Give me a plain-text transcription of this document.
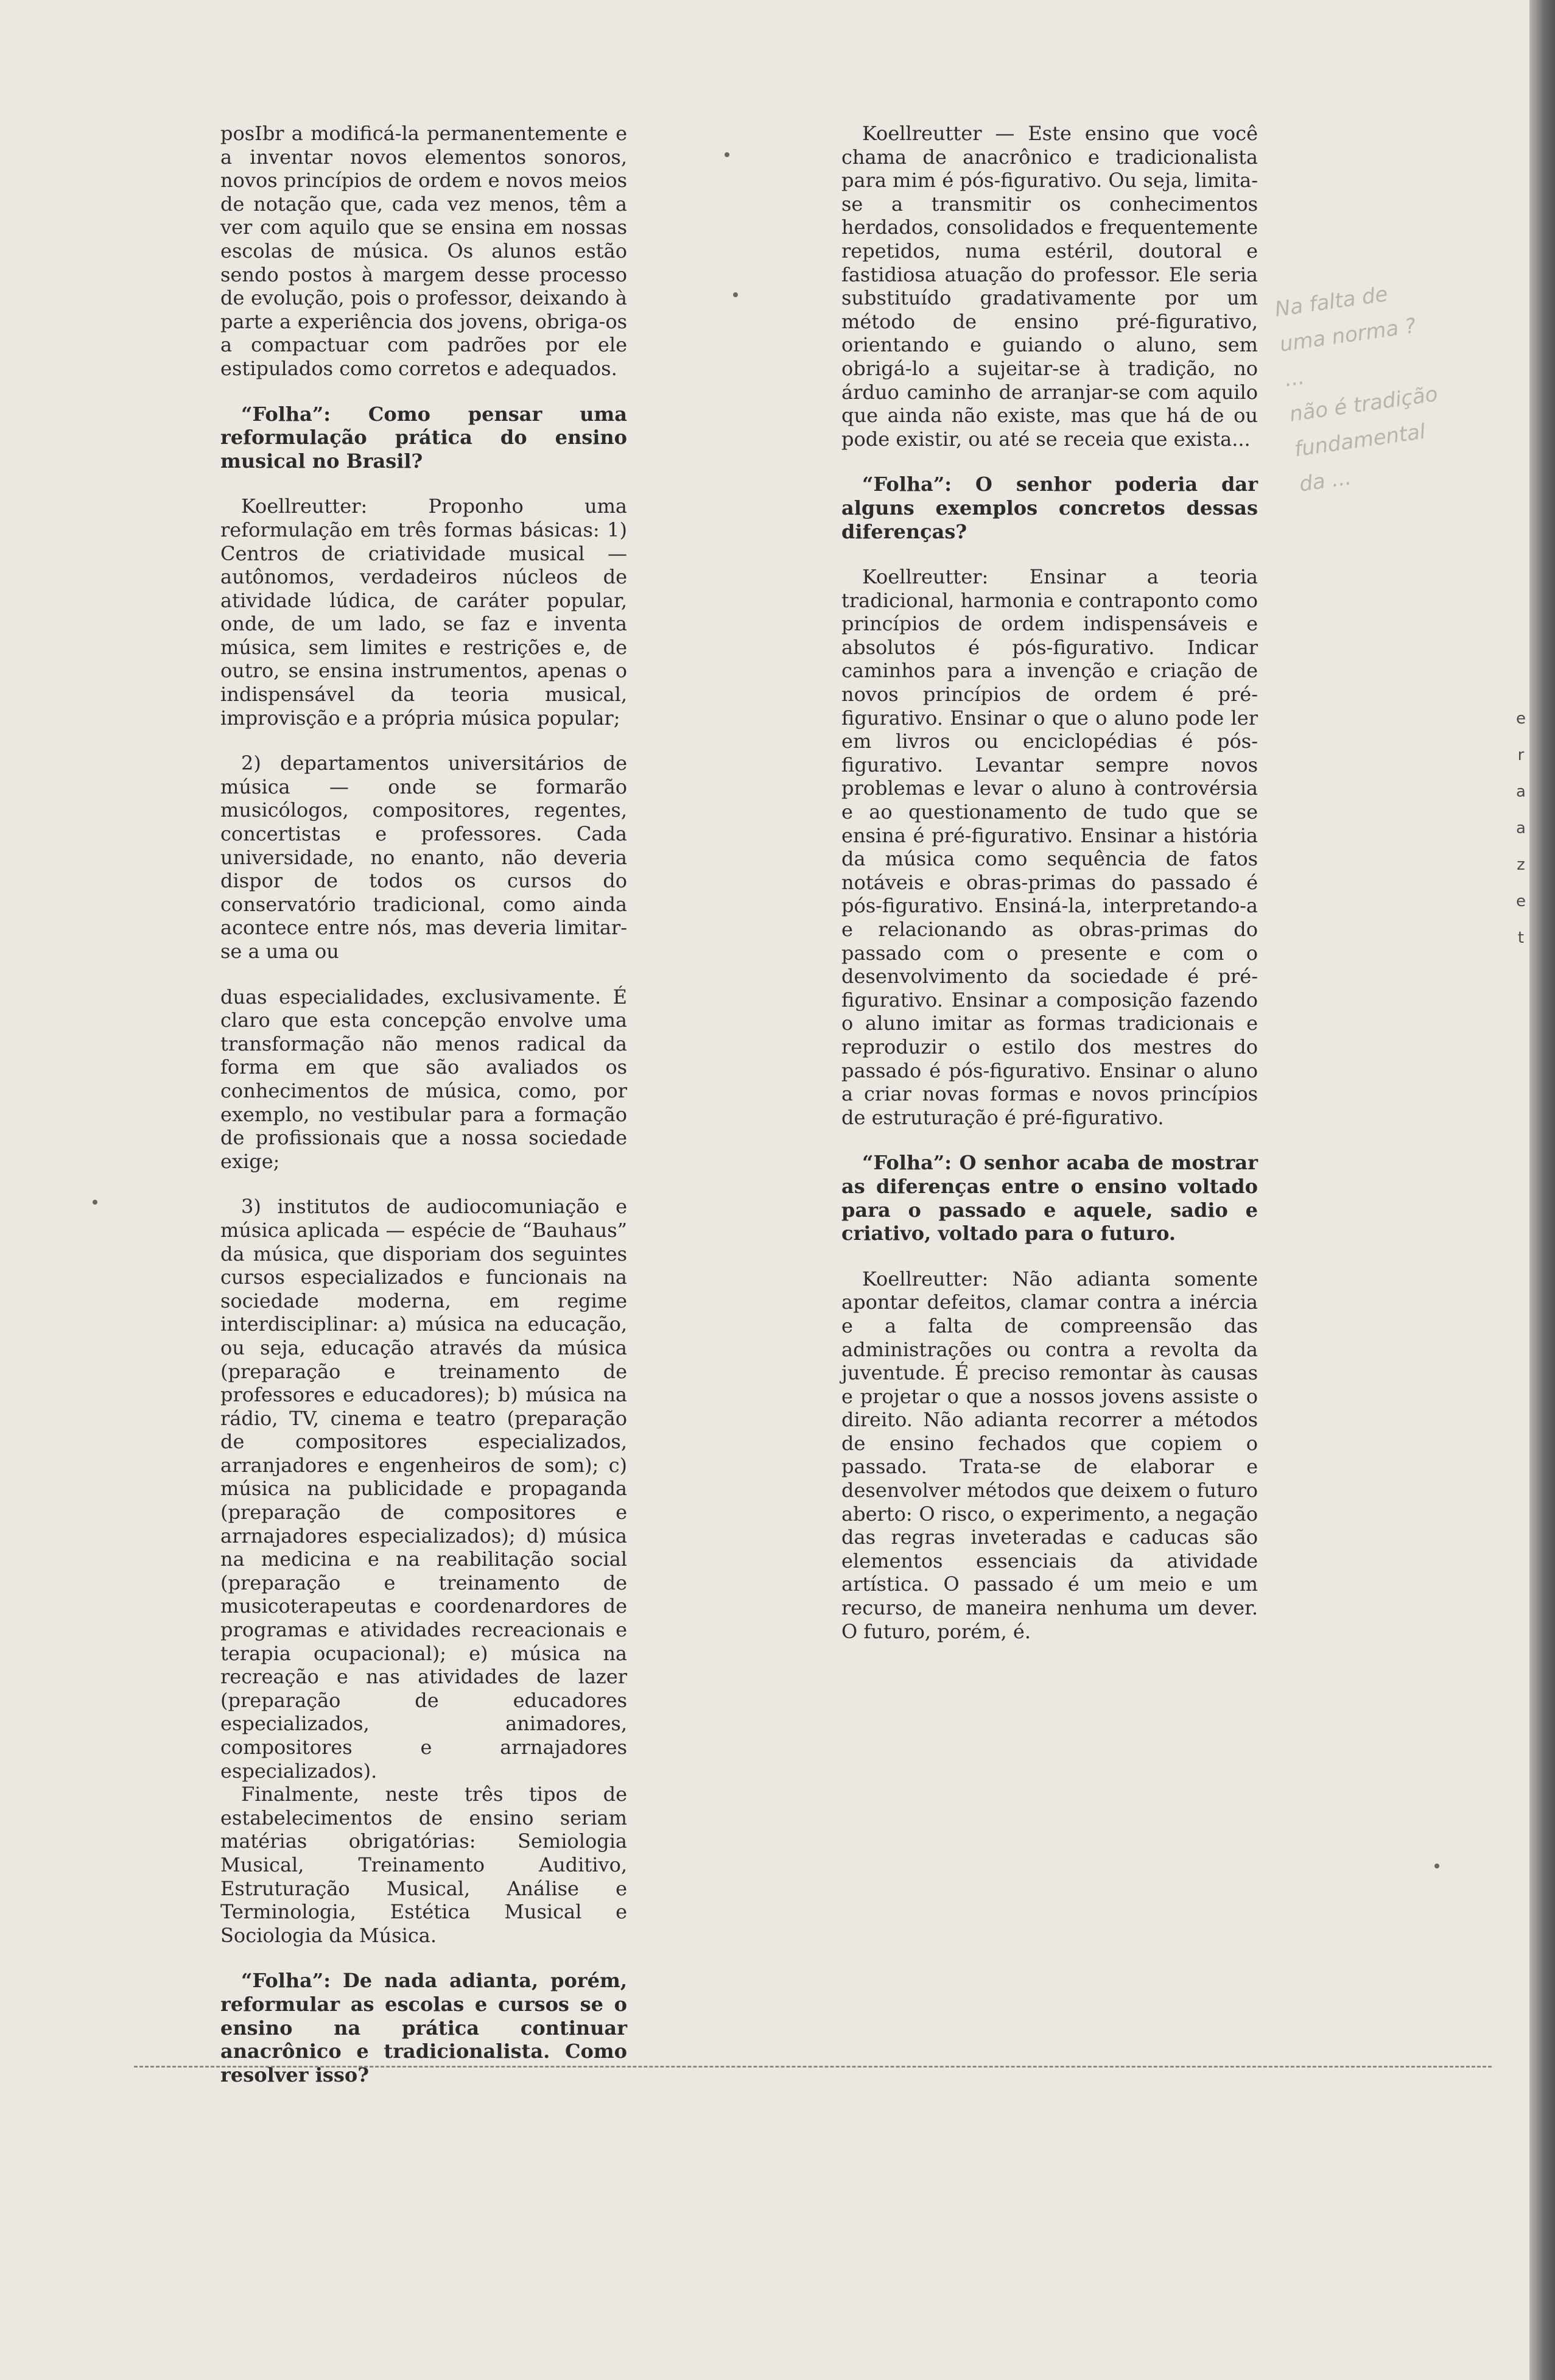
posIbr a modificá-la permanentemente e a inventar novos elementos sonoros, novos princípios de ordem e novos meios de notação que, cada vez menos, têm a ver com aquilo que se ensina em nossas escolas de música. Os alunos estão sendo postos à margem desse processo de evolução, pois o professor, deixando à parte a experiência dos jovens, obriga-os a compactuar com padrões por ele estipulados como corretos e adequados.

“Folha”: Como pensar uma reformulação prática do ensino musical no Brasil?

Koellreutter: Proponho uma reformulação em três formas básicas: 1) Centros de criatividade musical — autônomos, verdadeiros núcleos de atividade lúdica, de caráter popular, onde, de um lado, se faz e inventa música, sem limites e restrições e, de outro, se ensina instrumentos, apenas o indispensável da teoria musical, improvisção e a própria música popular;

2) departamentos universitários de música — onde se formarão musicólogos, compositores, regentes, concertistas e professores. Cada universidade, no enanto, não deveria dispor de todos os cursos do conservatório tradicional, como ainda acontece entre nós, mas deveria limitar-se a uma ou

duas especialidades, exclusivamente. É claro que esta concepção envolve uma transformação não menos radical da forma em que são avaliados os conhecimentos de música, como, por exemplo, no vestibular para a formação de profissionais que a nossa sociedade exige;

3) institutos de audiocomuniação e música aplicada — espécie de “Bauhaus” da música, que disporiam dos seguintes cursos especializados e funcionais na sociedade moderna, em regime interdisciplinar: a) música na educação, ou seja, educação através da música (preparação e treinamento de professores e educadores); b) música na rádio, TV, cinema e teatro (preparação de compositores especializados, arranjadores e engenheiros de som); c) música na publicidade e propaganda (preparação de compositores e arrnajadores especializados); d) música na medicina e na reabilitação social (preparação e treinamento de musicoterapeutas e coordenardores de programas e atividades recreacionais e terapia ocupacional); e) música na recreação e nas atividades de lazer (preparação de educadores especializados, animadores, compositores e arrnajadores especializados).

Finalmente, neste três tipos de estabelecimentos de ensino seriam matérias obrigatórias: Semiologia Musical, Treinamento Auditivo, Estruturação Musical, Análise e Terminologia, Estética Musical e Sociologia da Música.

“Folha”: De nada adianta, porém, reformular as escolas e cursos se o ensino na prática continuar anacrônico e tradicionalista. Como resolver isso?

Koellreutter — Este ensino que você chama de anacrônico e tradicionalista para mim é pós-figurativo. Ou seja, limita-se a transmitir os conhecimentos herdados, consolidados e frequentemente repetidos, numa estéril, doutoral e fastidiosa atuação do professor. Ele seria substituído gradativamente por um método de ensino pré-figurativo, orientando e guiando o aluno, sem obrigá-lo a sujeitar-se à tradição, no árduo caminho de arranjar-se com aquilo que ainda não existe, mas que há de ou pode existir, ou até se receia que exista...

“Folha”: O senhor poderia dar alguns exemplos concretos dessas diferenças?

Koellreutter: Ensinar a teoria tradicional, harmonia e contraponto como princípios de ordem indispensáveis e absolutos é pós-figurativo. Indicar caminhos para a invenção e criação de novos princípios de ordem é pré-figurativo. Ensinar o que o aluno pode ler em livros ou enciclopédias é pós-figurativo. Levantar sempre novos problemas e levar o aluno à controvérsia e ao questionamento de tudo que se ensina é pré-figurativo. Ensinar a história da música como sequência de fatos notáveis e obras-primas do passado é pós-figurativo. Ensiná-la, interpretando-a e relacionando as obras-primas do passado com o presente e com o desenvolvimento da sociedade é pré-figurativo. Ensinar a composição fazendo o aluno imitar as formas tradicionais e reproduzir o estilo dos mestres do passado é pós-figurativo. Ensinar o aluno a criar novas formas e novos princípios de estruturação é pré-figurativo.

“Folha”: O senhor acaba de mostrar as diferenças entre o ensino voltado para o passado e aquele, sadio e criativo, voltado para o futuro.

Koellreutter: Não adianta somente apontar defeitos, clamar contra a inércia e a falta de compreensão das administrações ou contra a revolta da juventude. É preciso remontar às causas e projetar o que a nossos jovens assiste o direito. Não adianta recorrer a métodos de ensino fechados que copiem o passado. Trata-se de elaborar e desenvolver métodos que deixem o futuro aberto: O risco, o experimento, a negação das regras inveteradas e caducas são elementos essenciais da atividade artística. O passado é um meio e um recurso, de maneira nenhuma um dever. O futuro, porém, é.

Na falta de
uma norma ?
...
não é tradição
fundamental
da ...
e r a a z e t
